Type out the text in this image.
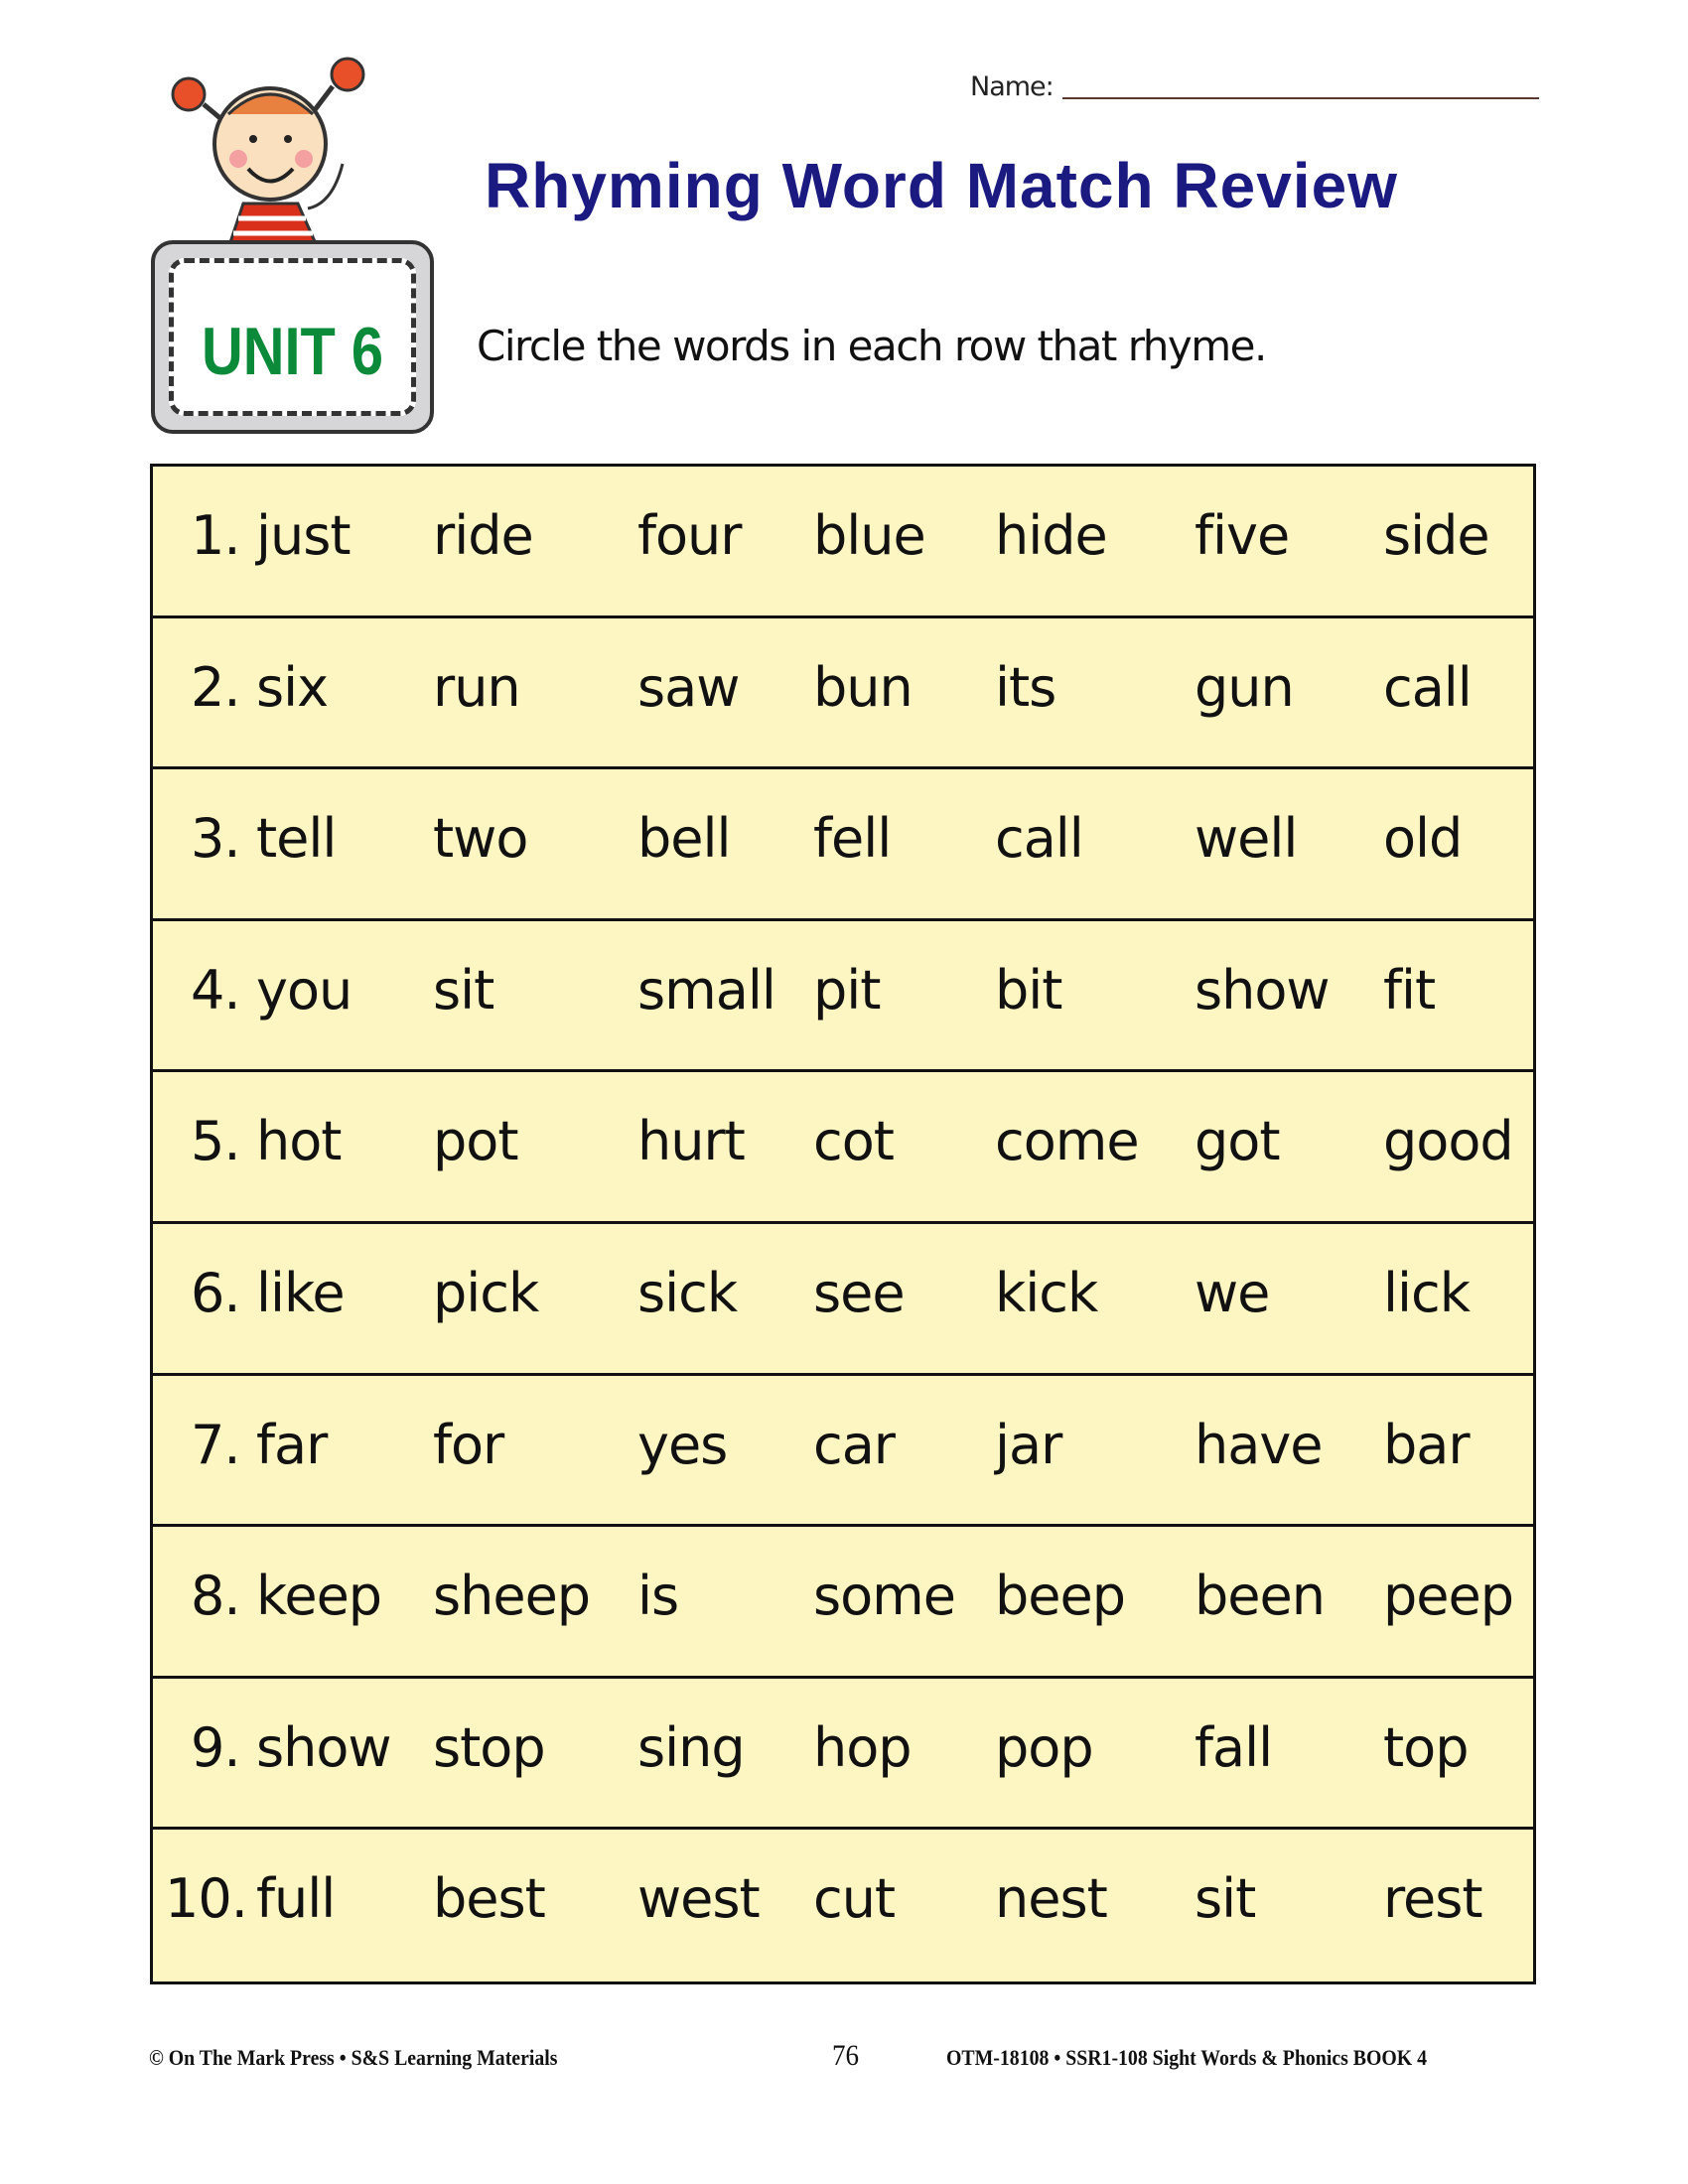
UNIT 6
Name:
Rhyming Word Match Review
Circle the words in each row that rhyme.
1. just ride four blue hide five side
2. six run saw bun its	gun call
3. tell two bell fell call well old
4. you sit	small pit bit show fit
5. hot pot hurt cot come got good
6. like pick sick see kick we lick
7. far for yes car jar have bar
8. keep sheep is	some beep been peep
9. show stop sing hop pop fall top
10. full best west cut nest sit rest
© On The Mark Press • S&S Learning Materials	76	OTM-18108 • SSR1-108 Sight Words & Phonics BOOK 4
